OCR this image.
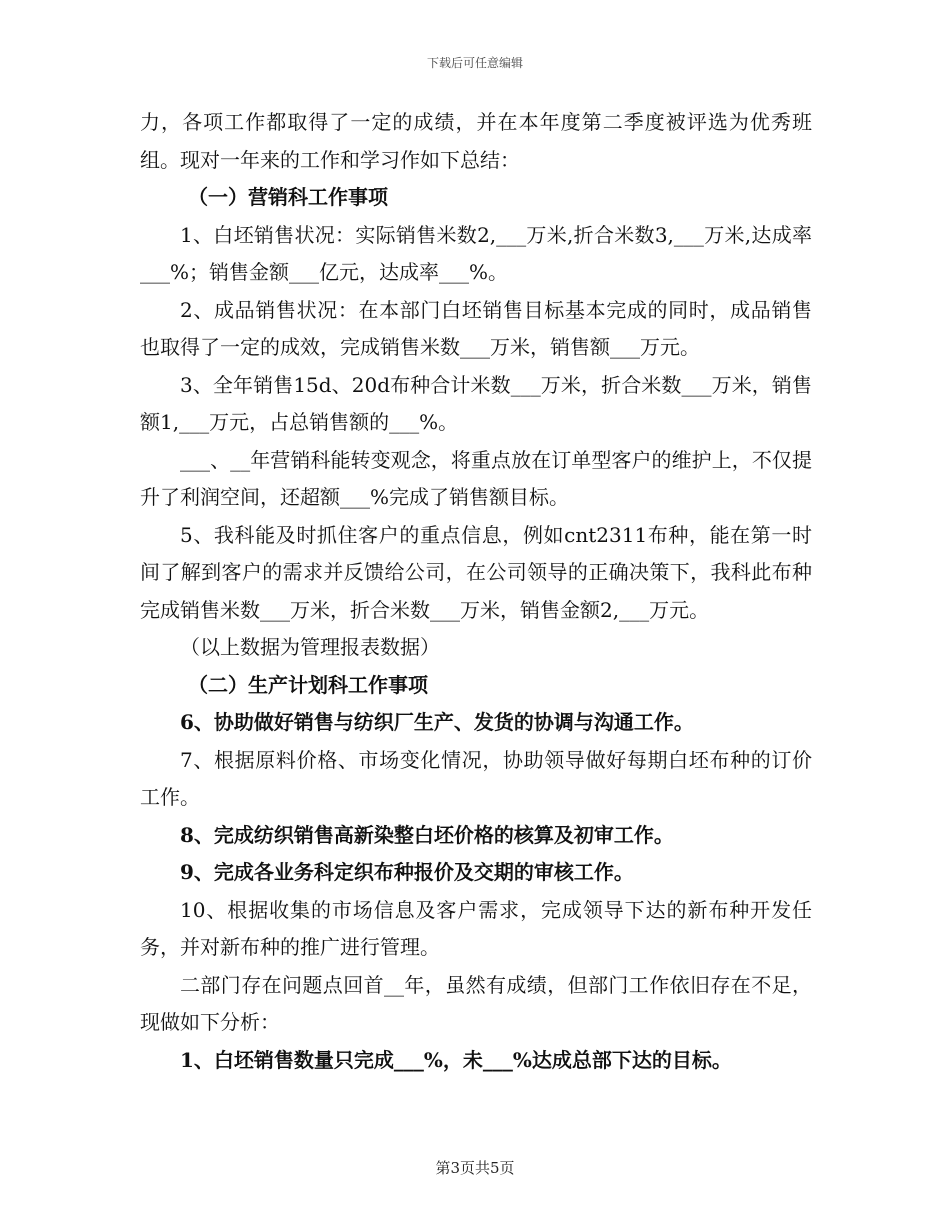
下载后可任意编辑

力，各项工作都取得了一定的成绩，并在本年度第二季度被评选为优秀班组。现对一年来的工作和学习作如下总结：

（一）营销科工作事项

1、白坯销售状况：实际销售米数2,___万米,折合米数3,___万米,达成率___%；销售金额___亿元，达成率___%。

2、成品销售状况：在本部门白坯销售目标基本完成的同时，成品销售也取得了一定的成效，完成销售米数___万米，销售额___万元。

3、全年销售15d、20d布种合计米数___万米，折合米数___万米，销售额1,___万元，占总销售额的___%。

___、__年营销科能转变观念，将重点放在订单型客户的维护上，不仅提升了利润空间，还超额___%完成了销售额目标。

5、我科能及时抓住客户的重点信息，例如cnt2311布种，能在第一时间了解到客户的需求并反馈给公司，在公司领导的正确决策下，我科此布种完成销售米数___万米，折合米数___万米，销售金额2,___万元。

（以上数据为管理报表数据）

（二）生产计划科工作事项

6、协助做好销售与纺织厂生产、发货的协调与沟通工作。

7、根据原料价格、市场变化情况，协助领导做好每期白坯布种的订价工作。

8、完成纺织销售高新染整白坯价格的核算及初审工作。

9、完成各业务科定织布种报价及交期的审核工作。

10、根据收集的市场信息及客户需求，完成领导下达的新布种开发任务，并对新布种的推广进行管理。

二部门存在问题点回首__年，虽然有成绩，但部门工作依旧存在不足，现做如下分析：

1、白坯销售数量只完成___%，未___%达成总部下达的目标。

第3页共5页
